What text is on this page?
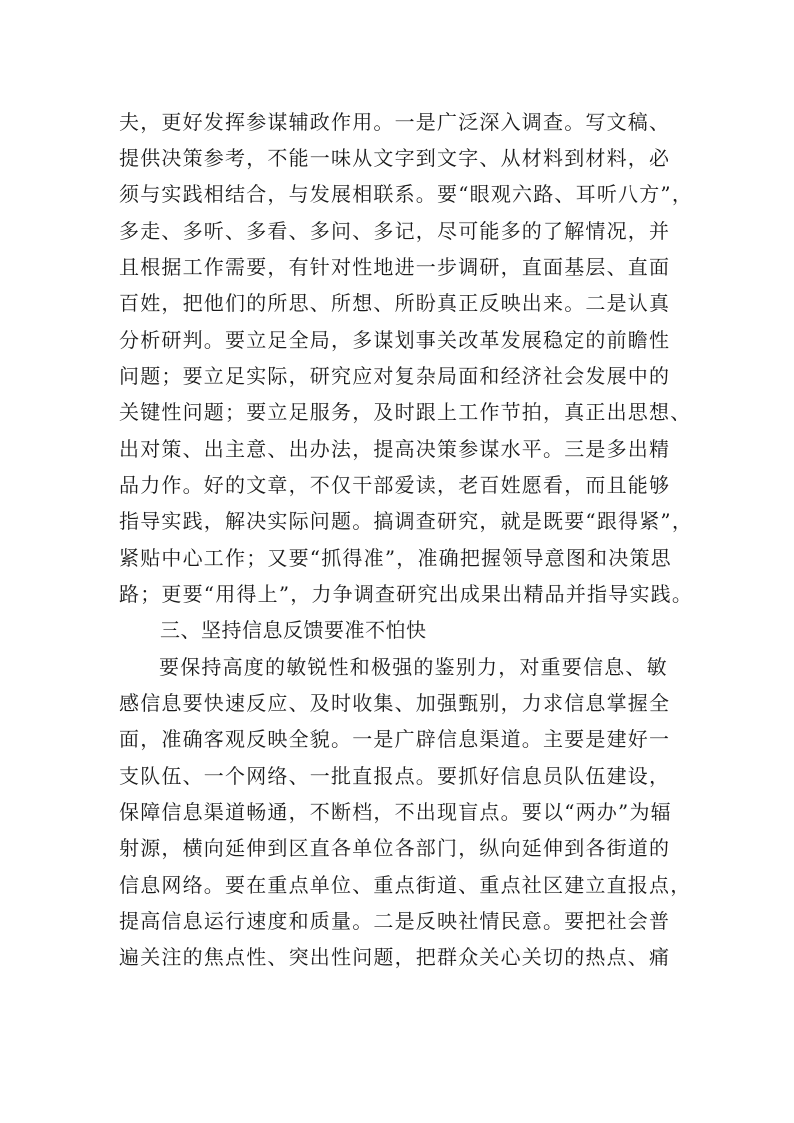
夫，更好发挥参谋辅政作用。一是广泛深入调查。写文稿、
提供决策参考，不能一味从文字到文字、从材料到材料，必
须与实践相结合，与发展相联系。要“眼观六路、耳听八方”，
多走、多听、多看、多问、多记，尽可能多的了解情况，并
且根据工作需要，有针对性地进一步调研，直面基层、直面
百姓，把他们的所思、所想、所盼真正反映出来。二是认真
分析研判。要立足全局，多谋划事关改革发展稳定的前瞻性
问题；要立足实际，研究应对复杂局面和经济社会发展中的
关键性问题；要立足服务，及时跟上工作节拍，真正出思想、
出对策、出主意、出办法，提高决策参谋水平。三是多出精
品力作。好的文章，不仅干部爱读，老百姓愿看，而且能够
指导实践，解决实际问题。搞调查研究，就是既要“跟得紧”，
紧贴中心工作；又要“抓得准”，准确把握领导意图和决策思
路；更要“用得上”，力争调查研究出成果出精品并指导实践。
三、坚持信息反馈要准不怕快
要保持高度的敏锐性和极强的鉴别力，对重要信息、敏
感信息要快速反应、及时收集、加强甄别，力求信息掌握全
面，准确客观反映全貌。一是广辟信息渠道。主要是建好一
支队伍、一个网络、一批直报点。要抓好信息员队伍建设，
保障信息渠道畅通，不断档，不出现盲点。要以“两办”为辐
射源，横向延伸到区直各单位各部门，纵向延伸到各街道的
信息网络。要在重点单位、重点街道、重点社区建立直报点，
提高信息运行速度和质量。二是反映社情民意。要把社会普
遍关注的焦点性、突出性问题，把群众关心关切的热点、痛
